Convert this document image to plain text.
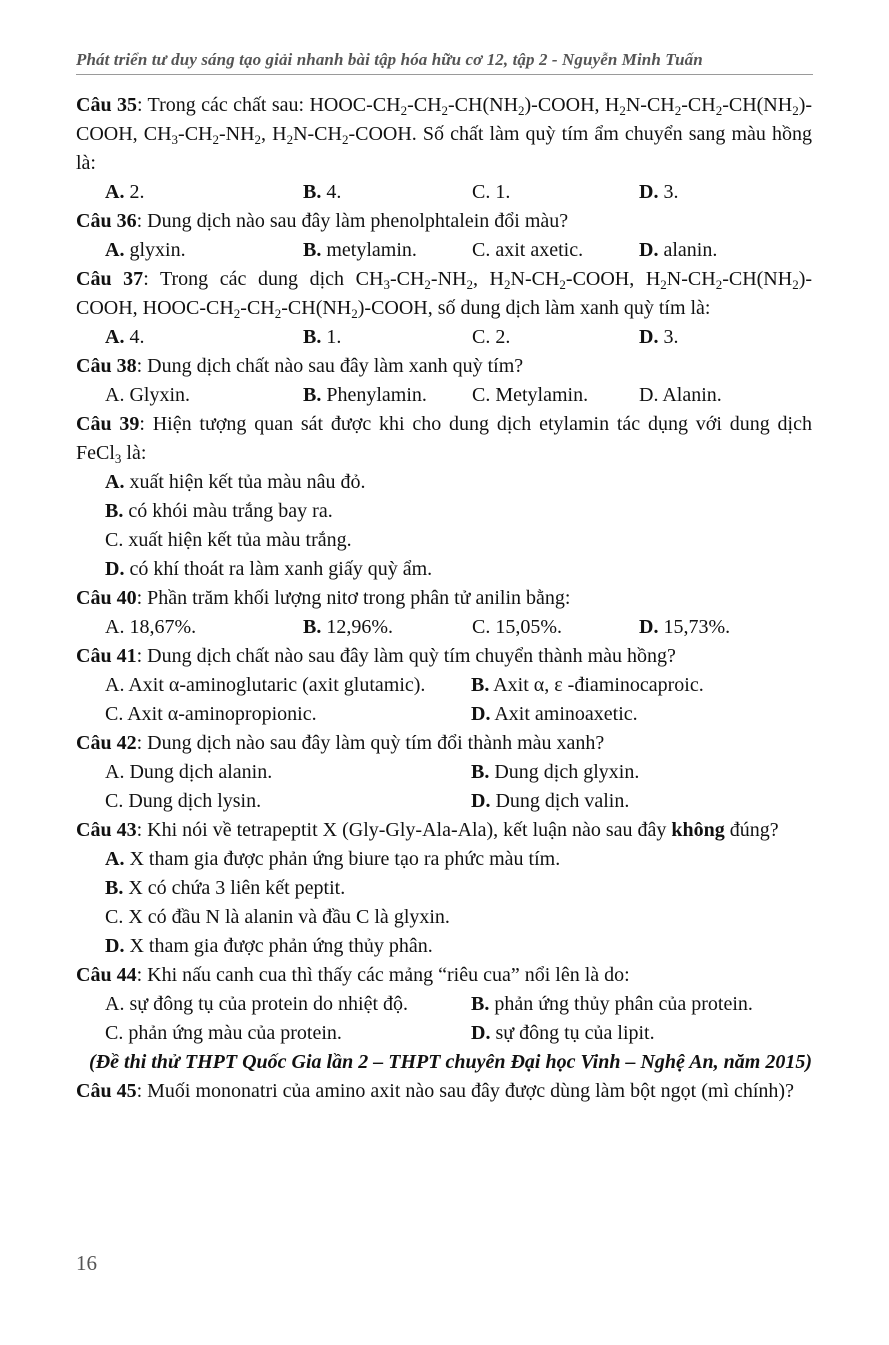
Phát triển tư duy sáng tạo giải nhanh bài tập hóa hữu cơ 12, tập 2 - Nguyễn Minh Tuấn

Câu 35: Trong các chất sau: HOOC-$CH_2-CH_2-CH(NH_2)$-COOH, $H_2N-CH_2-CH_2-CH(NH_2)$-COOH, $CH_3-CH_2-NH_2$, $H_2N-CH_2$-COOH. Số chất làm quỳ tím ẩm chuyển sang màu hồng là:

A. 2.	B. 4.	C. 1.	D. 3.

Câu 36: Dung dịch nào sau đây làm phenolphtalein đổi màu?

A. glyxin.	B. metylamin.	C. axit axetic.	D. alanin.

Câu 37: Trong các dung dịch $CH_3-CH_2-NH_2$, $H_2N-CH_2$-COOH, $H_2N-CH_2-CH(NH_2)$-COOH, HOOC-$CH_2-CH_2-CH(NH_2)$-COOH, số dung dịch làm xanh quỳ tím là:

A. 4.	B. 1.	C. 2.	D. 3.

Câu 38: Dung dịch chất nào sau đây làm xanh quỳ tím?

A. Glyxin.	B. Phenylamin.	C. Metylamin.	D. Alanin.

Câu 39: Hiện tượng quan sát được khi cho dung dịch etylamin tác dụng với dung dịch FeCl$_3$ là:

A. xuất hiện kết tủa màu nâu đỏ.

B. có khói màu trắng bay ra.

C. xuất hiện kết tủa màu trắng.

D. có khí thoát ra làm xanh giấy quỳ ẩm.

Câu 40: Phần trăm khối lượng nitơ trong phân tử anilin bằng:

A. 18,67%.	B. 12,96%.	C. 15,05%.	D. 15,73%.

Câu 41: Dung dịch chất nào sau đây làm quỳ tím chuyển thành màu hồng?

A. Axit α-aminoglutaric (axit glutamic).	B. Axit α, ε -điaminocaproic.
C. Axit α-aminopropionic.	D. Axit aminoaxetic.

Câu 42: Dung dịch nào sau đây làm quỳ tím đổi thành màu xanh?

A. Dung dịch alanin.	B. Dung dịch glyxin.
C. Dung dịch lysin.	D. Dung dịch valin.

Câu 43: Khi nói về tetrapeptit X (Gly-Gly-Ala-Ala), kết luận nào sau đây không đúng?

A. X tham gia được phản ứng biure tạo ra phức màu tím.

B. X có chứa 3 liên kết peptit.

C. X có đầu N là alanin và đầu C là glyxin.

D. X tham gia được phản ứng thủy phân.

Câu 44: Khi nấu canh cua thì thấy các mảng “riêu cua” nổi lên là do:

A. sự đông tụ của protein do nhiệt độ.	B. phản ứng thủy phân của protein.
C. phản ứng màu của protein.	D. sự đông tụ của lipit.

(Đề thi thử THPT Quốc Gia lần 2 – THPT chuyên Đại học Vinh – Nghệ An, năm 2015)

Câu 45: Muối mononatri của amino axit nào sau đây được dùng làm bột ngọt (mì chính)?

16
